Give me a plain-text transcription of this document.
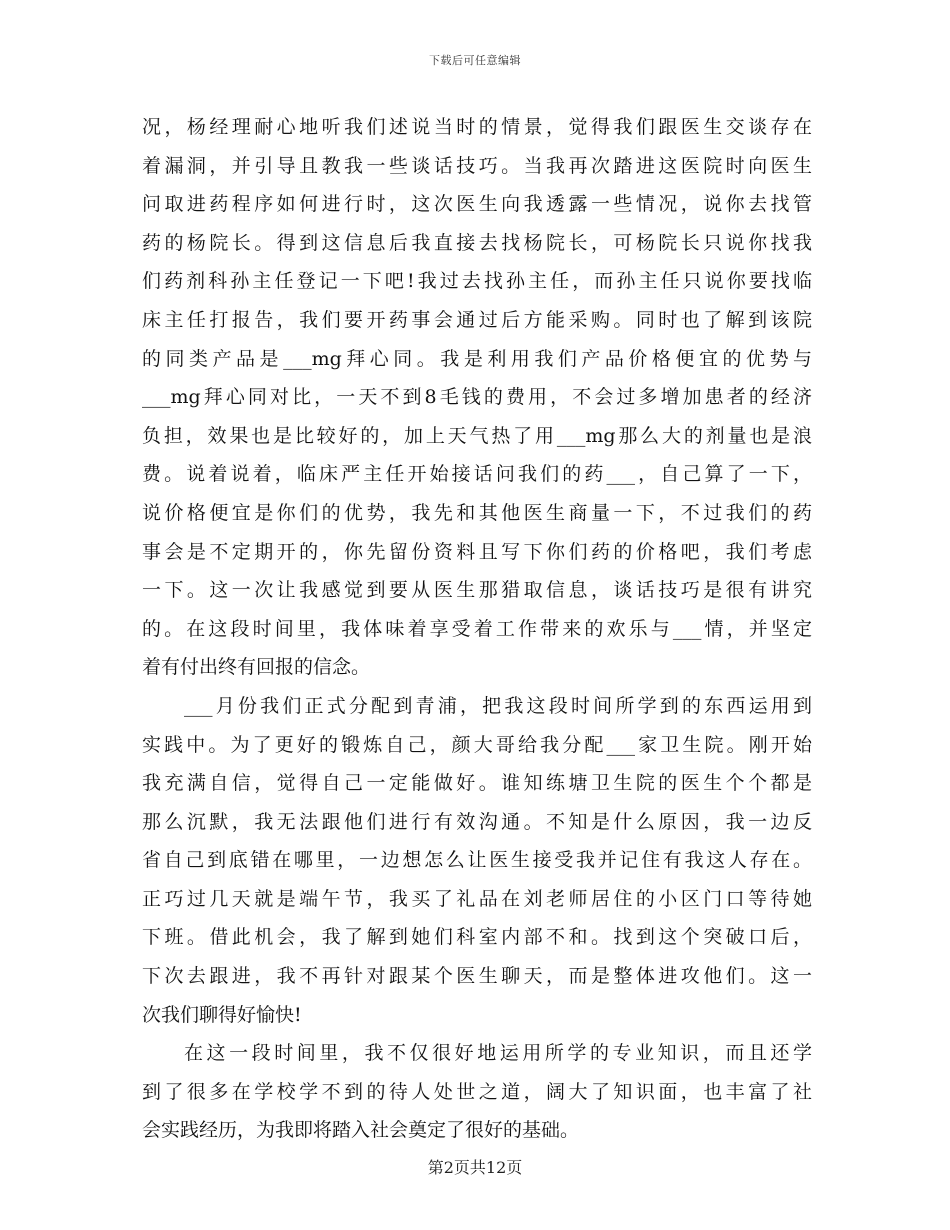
下载后可任意编辑
况，杨经理耐心地听我们述说当时的情景，觉得我们跟医生交谈存在
着漏洞，并引导且教我一些谈话技巧。当我再次踏进这医院时向医生
问取进药程序如何进行时，这次医生向我透露一些情况，说你去找管
药的杨院长。得到这信息后我直接去找杨院长，可杨院长只说你找我
们药剂科孙主任登记一下吧!我过去找孙主任，而孙主任只说你要找临
床主任打报告，我们要开药事会通过后方能采购。同时也了解到该院
的同类产品是___mg拜心同。我是利用我们产品价格便宜的优势与
___mg拜心同对比，一天不到8毛钱的费用，不会过多增加患者的经济
负担，效果也是比较好的，加上天气热了用___mg那么大的剂量也是浪
费。说着说着，临床严主任开始接话问我们的药___，自己算了一下，
说价格便宜是你们的优势，我先和其他医生商量一下，不过我们的药
事会是不定期开的，你先留份资料且写下你们药的价格吧，我们考虑
一下。这一次让我感觉到要从医生那猎取信息，谈话技巧是很有讲究
的。在这段时间里，我体味着享受着工作带来的欢乐与___情，并坚定
着有付出终有回报的信念。
___月份我们正式分配到青浦，把我这段时间所学到的东西运用到
实践中。为了更好的锻炼自己，颜大哥给我分配___家卫生院。刚开始
我充满自信，觉得自己一定能做好。谁知练塘卫生院的医生个个都是
那么沉默，我无法跟他们进行有效沟通。不知是什么原因，我一边反
省自己到底错在哪里，一边想怎么让医生接受我并记住有我这人存在。
正巧过几天就是端午节，我买了礼品在刘老师居住的小区门口等待她
下班。借此机会，我了解到她们科室内部不和。找到这个突破口后，
下次去跟进，我不再针对跟某个医生聊天，而是整体进攻他们。这一
次我们聊得好愉快!
在这一段时间里，我不仅很好地运用所学的专业知识，而且还学
到了很多在学校学不到的待人处世之道，阔大了知识面，也丰富了社
会实践经历，为我即将踏入社会奠定了很好的基础。
第2页共12页
